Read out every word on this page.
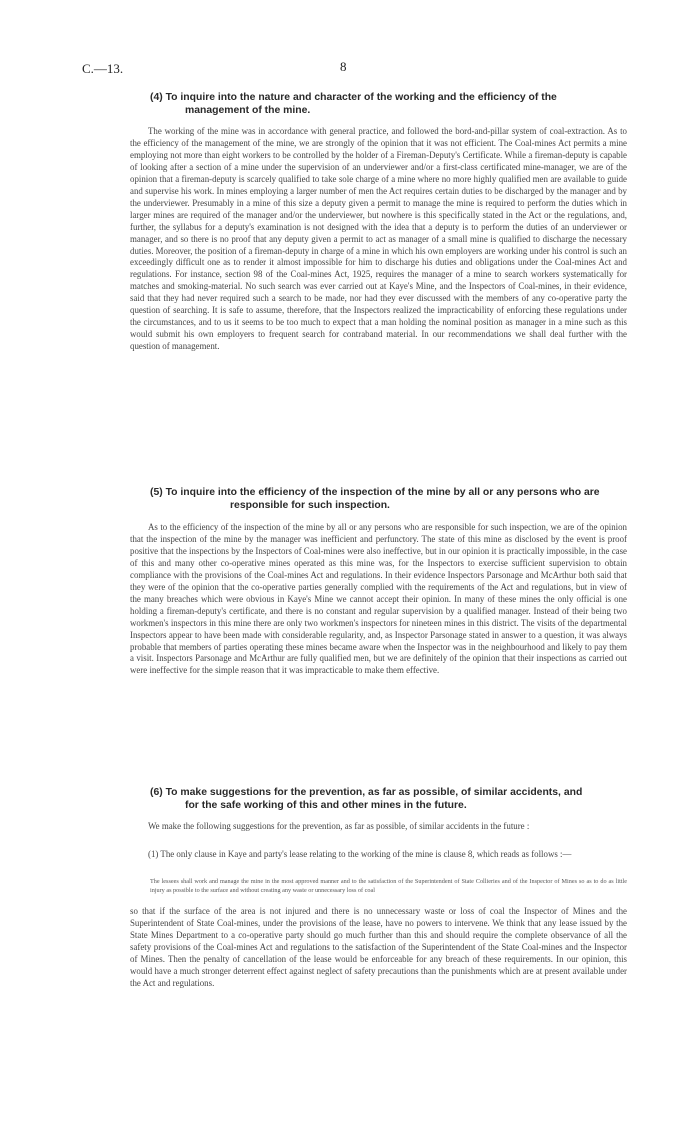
C.—13.	8
(4) To inquire into the nature and character of the working and the efficiency of the
management of the mine.

The working of the mine was in accordance with general practice, and followed the bord-and-pillar system of coal-extraction. As to the efficiency of the management of the mine, we are strongly of the opinion that it was not efficient. The Coal-mines Act permits a mine employing not more than eight workers to be controlled by the holder of a Fireman-Deputy's Certificate. While a fireman-deputy is capable of looking after a section of a mine under the supervision of an underviewer and/or a first-class certificated mine-manager, we are of the opinion that a fireman-deputy is scarcely qualified to take sole charge of a mine where no more highly qualified men are available to guide and supervise his work. In mines employing a larger number of men the Act requires certain duties to be discharged by the manager and by the underviewer. Presumably in a mine of this size a deputy given a permit to manage the mine is required to perform the duties which in larger mines are required of the manager and/or the underviewer, but nowhere is this specifically stated in the Act or the regulations, and, further, the syllabus for a deputy's examination is not designed with the idea that a deputy is to perform the duties of an underviewer or manager, and so there is no proof that any deputy given a permit to act as manager of a small mine is qualified to discharge the necessary duties. Moreover, the position of a fireman-deputy in charge of a mine in which his own employers are working under his control is such an exceedingly difficult one as to render it almost impossible for him to discharge his duties and obligations under the Coal-mines Act and regulations. For instance, section 98 of the Coal-mines Act, 1925, requires the manager of a mine to search workers systematically for matches and smoking-material. No such search was ever carried out at Kaye's Mine, and the Inspectors of Coal-mines, in their evidence, said that they had never required such a search to be made, nor had they ever discussed with the members of any co-operative party the question of searching. It is safe to assume, therefore, that the Inspectors realized the impracticability of enforcing these regulations under the circumstances, and to us it seems to be too much to expect that a man holding the nominal position as manager in a mine such as this would submit his own employers to frequent search for contraband material. In our recommendations we shall deal further with the question of management.

(5) To inquire into the efficiency of the inspection of the mine by all or any persons who are
responsible for such inspection.

As to the efficiency of the inspection of the mine by all or any persons who are responsible for such inspection, we are of the opinion that the inspection of the mine by the manager was inefficient and perfunctory. The state of this mine as disclosed by the event is proof positive that the inspections by the Inspectors of Coal-mines were also ineffective, but in our opinion it is practically impossible, in the case of this and many other co-operative mines operated as this mine was, for the Inspectors to exercise sufficient supervision to obtain compliance with the provisions of the Coal-mines Act and regulations. In their evidence Inspectors Parsonage and McArthur both said that they were of the opinion that the co-operative parties generally complied with the requirements of the Act and regulations, but in view of the many breaches which were obvious in Kaye's Mine we cannot accept their opinion. In many of these mines the only official is one holding a fireman-deputy's certificate, and there is no constant and regular supervision by a qualified manager. Instead of their being two workmen's inspectors in this mine there are only two workmen's inspectors for nineteen mines in this district. The visits of the departmental Inspectors appear to have been made with considerable regularity, and, as Inspector Parsonage stated in answer to a question, it was always probable that members of parties operating these mines became aware when the Inspector was in the neighbourhood and likely to pay them a visit. Inspectors Parsonage and McArthur are fully qualified men, but we are definitely of the opinion that their inspections as carried out were ineffective for the simple reason that it was impracticable to make them effective.

(6) To make suggestions for the prevention, as far as possible, of similar accidents, and
for the safe working of this and other mines in the future.

We make the following suggestions for the prevention, as far as possible, of similar accidents in the future :

(1) The only clause in Kaye and party's lease relating to the working of the mine is clause 8, which reads as follows :—

The lessees shall work and manage the mine in the most approved manner and to the satisfaction of the Superintendent of State Collieries and of the Inspector of Mines so as to do as little injury as possible to the surface and without creating any waste or unnecessary loss of coal

so that if the surface of the area is not injured and there is no unnecessary waste or loss of coal the Inspector of Mines and the Superintendent of State Coal-mines, under the provisions of the lease, have no powers to intervene. We think that any lease issued by the State Mines Department to a co-operative party should go much further than this and should require the complete observance of all the safety provisions of the Coal-mines Act and regulations to the satisfaction of the Superintendent of the State Coal-mines and the Inspector of Mines. Then the penalty of cancellation of the lease would be enforceable for any breach of these requirements. In our opinion, this would have a much stronger deterrent effect against neglect of safety precautions than the punishments which are at present available under the Act and regulations.
